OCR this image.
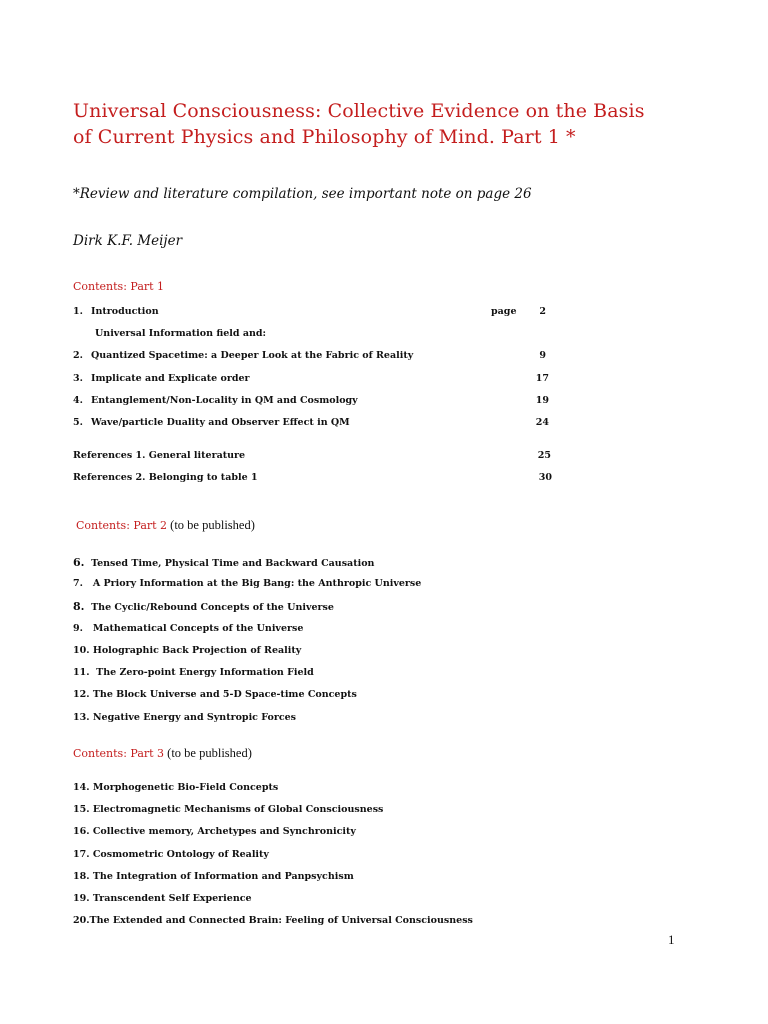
Universal Consciousness: Collective Evidence on the Basis
of Current Physics and Philosophy of Mind. Part 1 *
*Review and literature compilation, see important note on page 26
Dirk K.F. Meijer
Contents: Part 1
page
1. Introduction	2
Universal Information field and:
2. Quantized Spacetime: a Deeper Look at the Fabric of Reality	9
3. Implicate and Explicate order	17
4. Entanglement/Non-Locality in QM and Cosmology	19
5. Wave/particle Duality and Observer Effect in QM	24
References 1. General literature	25
References 2. Belonging to table 1	30
Contents: Part 2 (to be published)
6. Tensed Time, Physical Time and Backward Causation
7. A Priory Information at the Big Bang: the Anthropic Universe
8. The Cyclic/Rebound Concepts of the Universe
9. Mathematical Concepts of the Universe
10. Holographic Back Projection of Reality
11. The Zero-point Energy Information Field
12. The Block Universe and 5-D Space-time Concepts
13. Negative Energy and Syntropic Forces
Contents: Part 3 (to be published)
14. Morphogenetic Bio-Field Concepts
15. Electromagnetic Mechanisms of Global Consciousness
16. Collective memory, Archetypes and Synchronicity
17. Cosmometric Ontology of Reality
18. The Integration of Information and Panpsychism
19. Transcendent Self Experience
20.The Extended and Connected Brain: Feeling of Universal Consciousness
1
